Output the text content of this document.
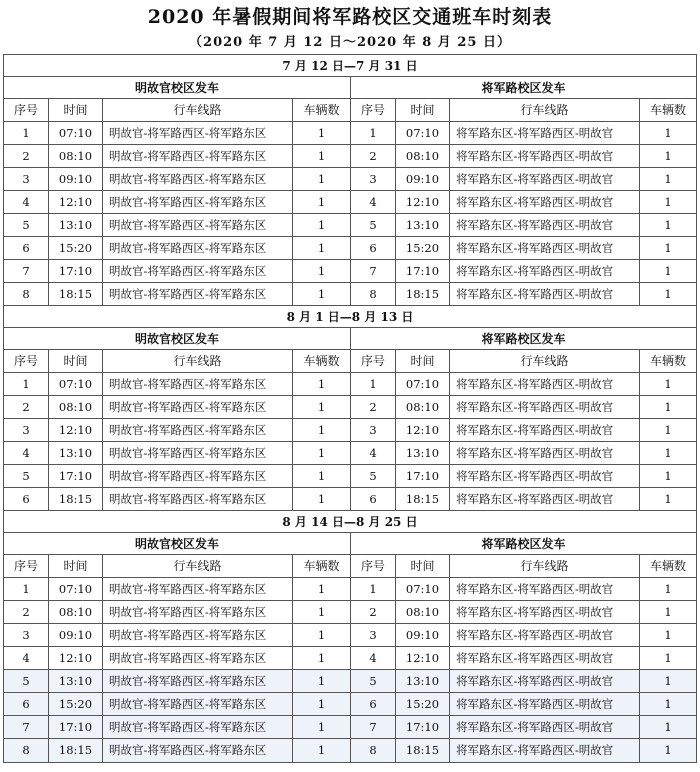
2020 年暑假期间将军路校区交通班车时刻表
（2020 年 7 月 12 日～2020 年 8 月 25 日）
7 月 12 日—7 月 31 日
明故官校区发车
序号	时间	行车线路	车辆数
1	07:10	明故官-将军路西区-将军路东区	1
2	08:10	明故官-将军路西区-将军路东区	1
3	09:10	明故官-将军路西区-将军路东区	1
4	12:10	明故官-将军路西区-将军路东区	1
5	13:10	明故官-将军路西区-将军路东区	1
6	15:20	明故官-将军路西区-将军路东区	1
7	17:10	明故官-将军路西区-将军路东区	1
8	18:15	明故官-将军路西区-将军路东区	1
将军路校区发车
序号	时间	行车线路	车辆数
1	07:10	将军路东区-将军路西区-明故官	1
2	08:10	将军路东区-将军路西区-明故官	1
3	09:10	将军路东区-将军路西区-明故官	1
4	12:10	将军路东区-将军路西区-明故官	1
5	13:10	将军路东区-将军路西区-明故官	1
6	15:20	将军路东区-将军路西区-明故官	1
7	17:10	将军路东区-将军路西区-明故官	1
8	18:15	将军路东区-将军路西区-明故官	1
8 月 1 日—8 月 13 日
明故官校区发车
序号	时间	行车线路	车辆数
1	07:10	明故官-将军路西区-将军路东区	1
2	08:10	明故官-将军路西区-将军路东区	1
3	12:10	明故官-将军路西区-将军路东区	1
4	13:10	明故官-将军路西区-将军路东区	1
5	17:10	明故官-将军路西区-将军路东区	1
6	18:15	明故官-将军路西区-将军路东区	1
将军路校区发车
序号	时间	行车线路	车辆数
1	07:10	将军路东区-将军路西区-明故官	1
2	08:10	将军路东区-将军路西区-明故官	1
3	12:10	将军路东区-将军路西区-明故官	1
4	13:10	将军路东区-将军路西区-明故官	1
5	17:10	将军路东区-将军路西区-明故官	1
6	18:15	将军路东区-将军路西区-明故官	1
8 月 14 日—8 月 25 日
明故官校区发车
序号	时间	行车线路	车辆数
1	07:10	明故官-将军路西区-将军路东区	1
2	08:10	明故官-将军路西区-将军路东区	1
3	09:10	明故官-将军路西区-将军路东区	1
4	12:10	明故官-将军路西区-将军路东区	1
5	13:10	明故官-将军路西区-将军路东区	1
6	15:20	明故官-将军路西区-将军路东区	1
7	17:10	明故官-将军路西区-将军路东区	1
8	18:15	明故官-将军路西区-将军路东区	1
将军路校区发车
序号	时间	行车线路	车辆数
1	07:10	将军路东区-将军路西区-明故官	1
2	08:10	将军路东区-将军路西区-明故官	1
3	09:10	将军路东区-将军路西区-明故官	1
4	12:10	将军路东区-将军路西区-明故官	1
5	13:10	将军路东区-将军路西区-明故官	1
6	15:20	将军路东区-将军路西区-明故官	1
7	17:10	将军路东区-将军路西区-明故官	1
8	18:15	将军路东区-将军路西区-明故官	1
